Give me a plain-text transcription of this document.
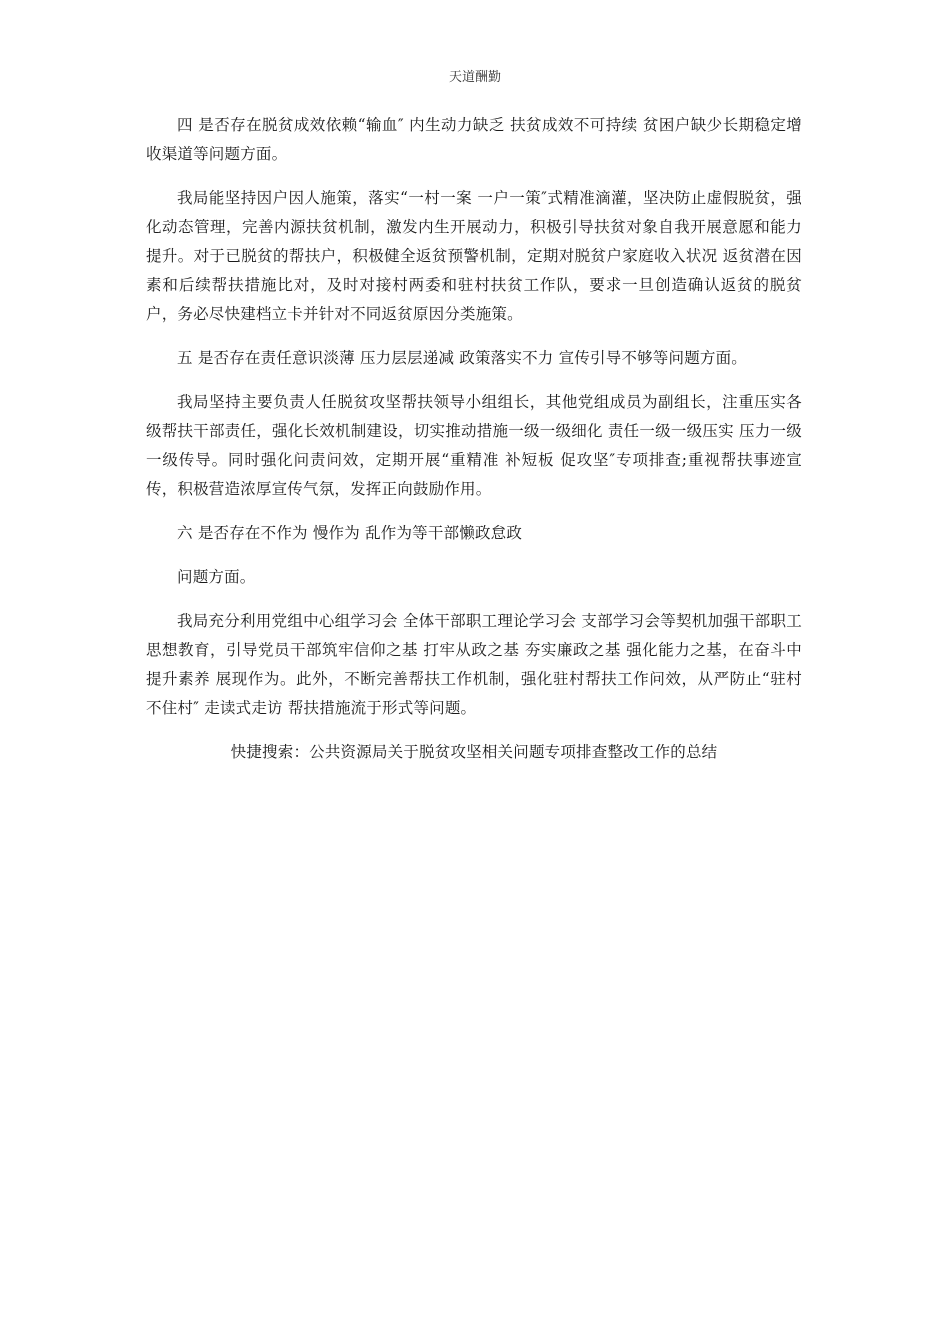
天道酬勤

四 是否存在脱贫成效依赖“输血″ 内生动力缺乏 扶贫成效不可持续 贫困户缺少长期稳定增收渠道等问题方面。

我局能坚持因户因人施策，落实“一村一案 一户一策″式精准滴灌，坚决防止虚假脱贫，强化动态管理，完善内源扶贫机制，激发内生开展动力，积极引导扶贫对象自我开展意愿和能力提升。对于已脱贫的帮扶户，积极健全返贫预警机制，定期对脱贫户家庭收入状况 返贫潜在因素和后续帮扶措施比对，及时对接村两委和驻村扶贫工作队，要求一旦创造确认返贫的脱贫户，务必尽快建档立卡并针对不同返贫原因分类施策。

五 是否存在责任意识淡薄 压力层层递减 政策落实不力 宣传引导不够等问题方面。

我局坚持主要负责人任脱贫攻坚帮扶领导小组组长，其他党组成员为副组长，注重压实各级帮扶干部责任，强化长效机制建设，切实推动措施一级一级细化 责任一级一级压实 压力一级一级传导。同时强化问责问效，定期开展“重精准 补短板 促攻坚″专项排查;重视帮扶事迹宣传，积极营造浓厚宣传气氛，发挥正向鼓励作用。

六 是否存在不作为 慢作为 乱作为等干部懒政怠政

问题方面。

我局充分利用党组中心组学习会 全体干部职工理论学习会 支部学习会等契机加强干部职工思想教育，引导党员干部筑牢信仰之基 打牢从政之基 夯实廉政之基 强化能力之基，在奋斗中提升素养 展现作为。此外，不断完善帮扶工作机制，强化驻村帮扶工作问效，从严防止“驻村不住村″ 走读式走访 帮扶措施流于形式等问题。

快捷搜索：公共资源局关于脱贫攻坚相关问题专项排查整改工作的总结
